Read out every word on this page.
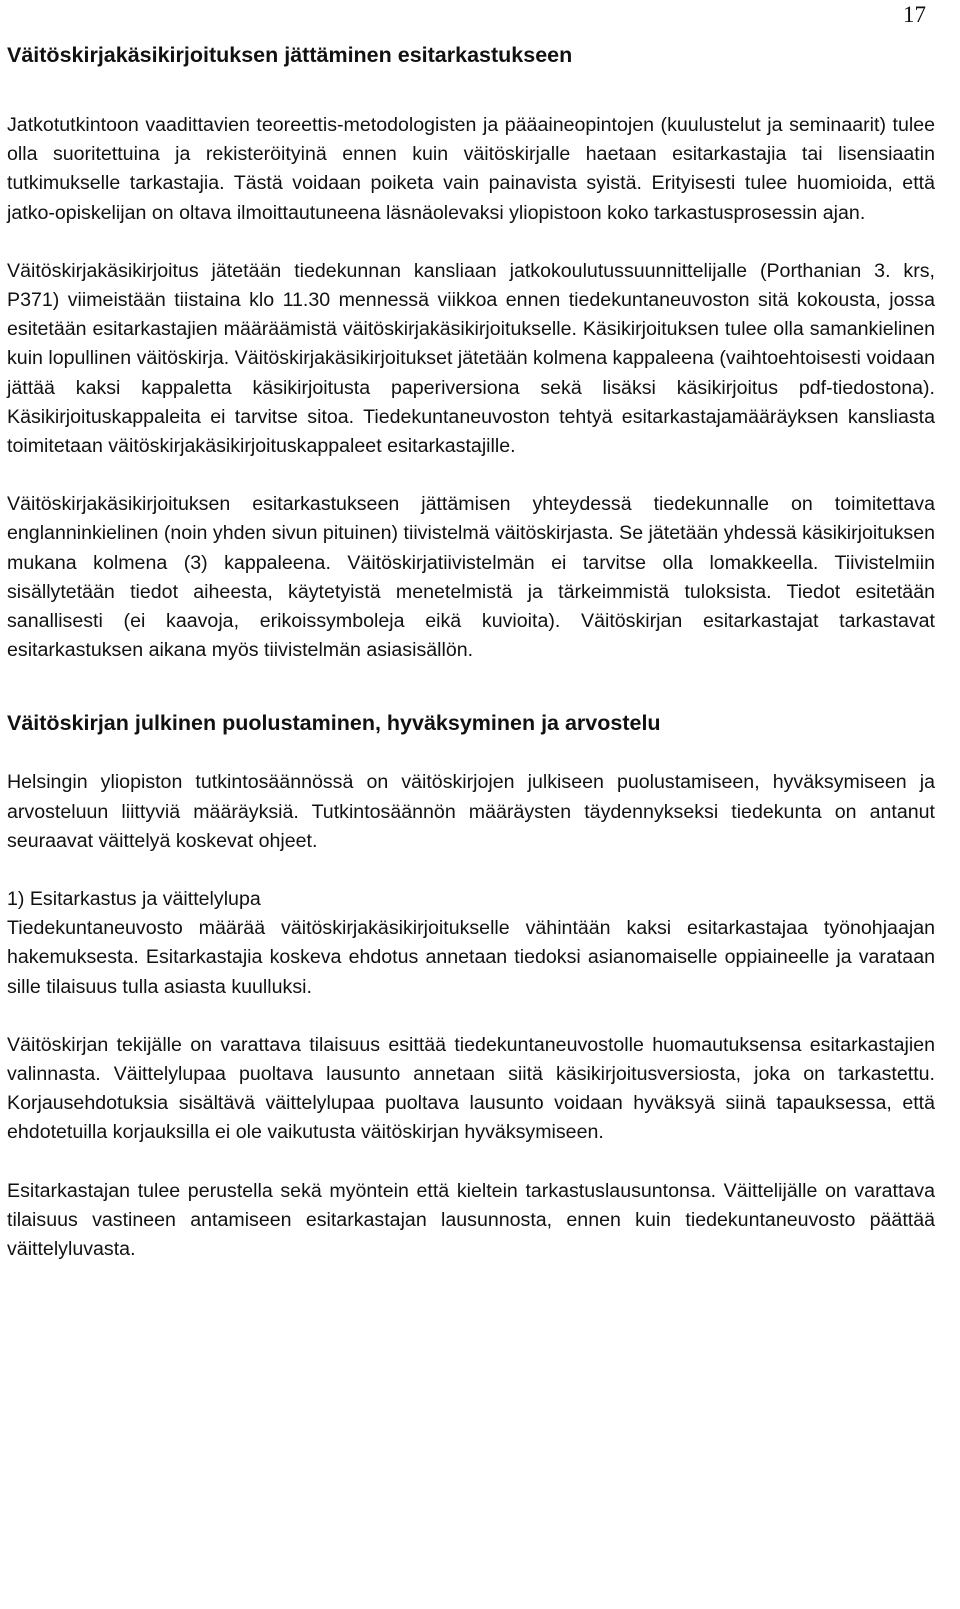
17
Väitöskirjakäsikirjoituksen jättäminen esitarkastukseen

Jatkotutkintoon vaadittavien teoreettis-metodologisten ja pääaineopintojen (kuulustelut ja seminaarit) tulee olla suoritettuina ja rekisteröityinä ennen kuin väitöskirjalle haetaan esitarkastajia tai lisensiaatin tutkimukselle tarkastajia. Tästä voidaan poiketa vain painavista syistä. Erityisesti tulee huomioida, että jatko-opiskelijan on oltava ilmoittautuneena läsnäolevaksi yliopistoon koko tarkastusprosessin ajan.

Väitöskirjakäsikirjoitus jätetään tiedekunnan kansliaan jatkokoulutussuunnittelijalle (Porthanian 3. krs, P371) viimeistään tiistaina klo 11.30 mennessä viikkoa ennen tiedekuntaneuvoston sitä kokousta, jossa esitetään esitarkastajien määräämistä väitöskirjakäsikirjoitukselle. Käsikirjoituksen tulee olla samankielinen kuin lopullinen väitöskirja. Väitöskirjakäsikirjoitukset jätetään kolmena kappaleena (vaihtoehtoisesti voidaan jättää kaksi kappaletta käsikirjoitusta paperiversiona sekä lisäksi käsikirjoitus pdf-tiedostona). Käsikirjoituskappaleita ei tarvitse sitoa. Tiedekuntaneuvoston tehtyä esitarkastajamääräyksen kansliasta toimitetaan väitöskirjakäsikirjoituskappaleet esitarkastajille.

Väitöskirjakäsikirjoituksen esitarkastukseen jättämisen yhteydessä tiedekunnalle on toimitettava englanninkielinen (noin yhden sivun pituinen) tiivistelmä väitöskirjasta. Se jätetään yhdessä käsikirjoituksen mukana kolmena (3) kappaleena. Väitöskirjatiivistelmän ei tarvitse olla lomakkeella. Tiivistelmiin sisällytetään tiedot aiheesta, käytetyistä menetelmistä ja tärkeimmistä tuloksista. Tiedot esitetään sanallisesti (ei kaavoja, erikoissymboleja eikä kuvioita). Väitöskirjan esitarkastajat tarkastavat esitarkastuksen aikana myös tiivistelmän asiasisällön.

Väitöskirjan julkinen puolustaminen, hyväksyminen ja arvostelu

Helsingin yliopiston tutkintosäännössä on väitöskirjojen julkiseen puolustamiseen, hyväksymiseen ja arvosteluun liittyviä määräyksiä. Tutkintosäännön määräysten täydennykseksi tiedekunta on antanut seuraavat väittelyä koskevat ohjeet.

1) Esitarkastus ja väittelylupa

Tiedekuntaneuvosto määrää väitöskirjakäsikirjoitukselle vähintään kaksi esitarkastajaa työnohjaajan hakemuksesta. Esitarkastajia koskeva ehdotus annetaan tiedoksi asianomaiselle oppiaineelle ja varataan sille tilaisuus tulla asiasta kuulluksi.

Väitöskirjan tekijälle on varattava tilaisuus esittää tiedekuntaneuvostolle huomautuksensa esitarkastajien valinnasta. Väittelylupaa puoltava lausunto annetaan siitä käsikirjoitusversiosta, joka on tarkastettu. Korjausehdotuksia sisältävä väittelylupaa puoltava lausunto voidaan hyväksyä siinä tapauksessa, että ehdotetuilla korjauksilla ei ole vaikutusta väitöskirjan hyväksymiseen.

Esitarkastajan tulee perustella sekä myöntein että kieltein tarkastuslausuntonsa. Väittelijälle on varattava tilaisuus vastineen antamiseen esitarkastajan lausunnosta, ennen kuin tiedekuntaneuvosto päättää väittelyluvasta.
